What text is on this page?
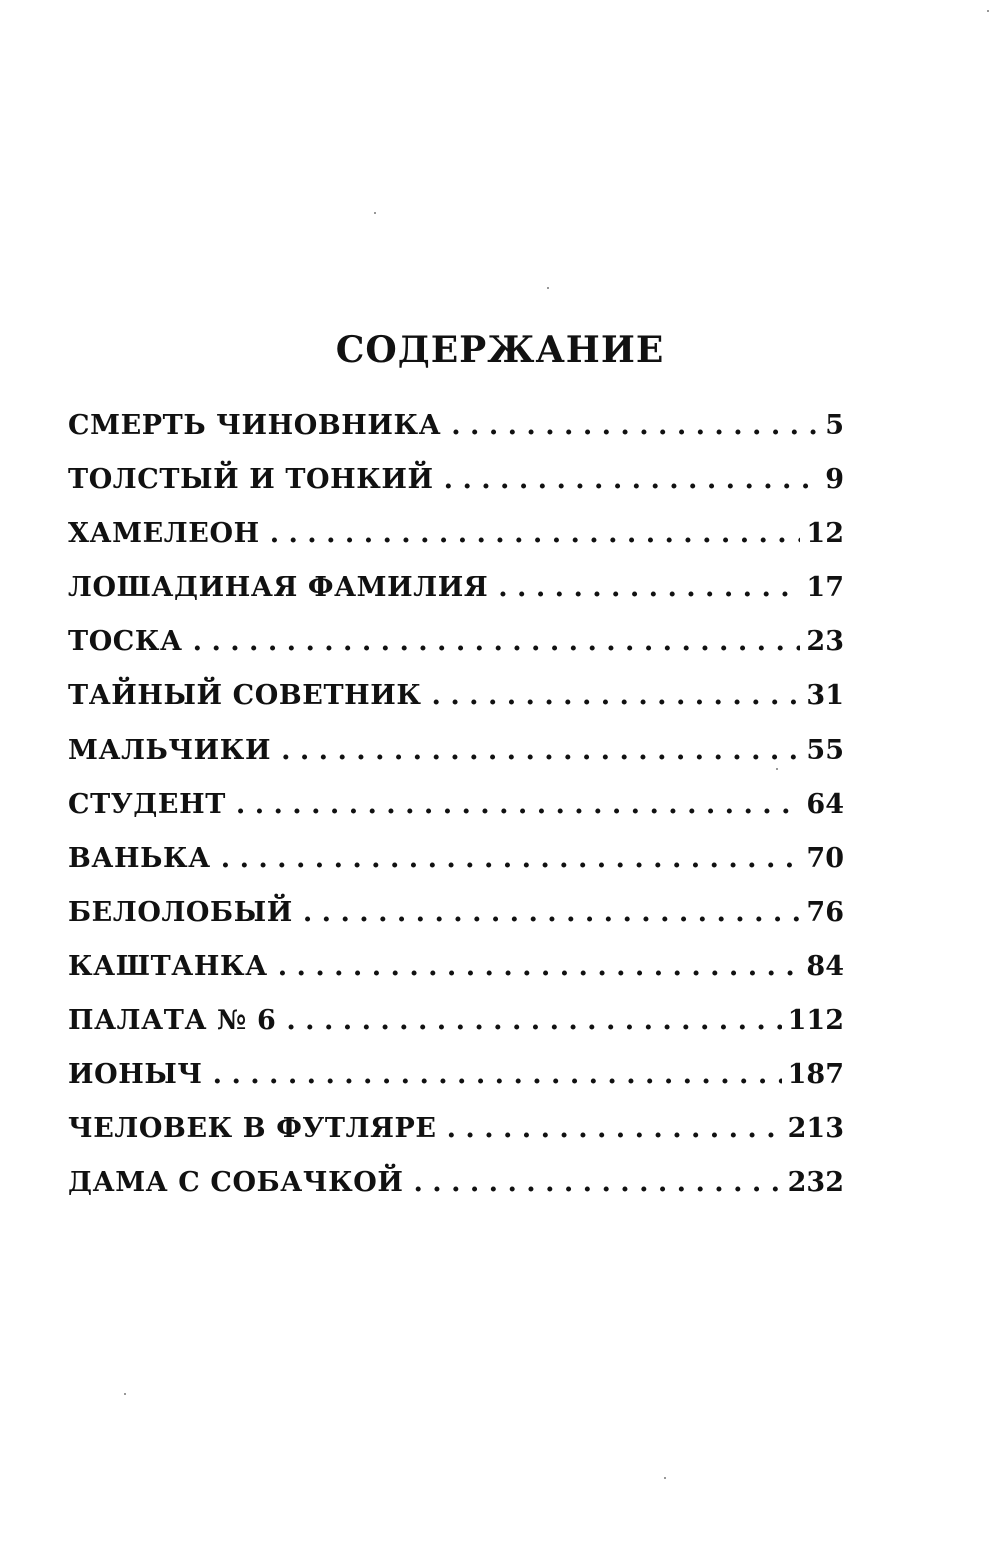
СОДЕРЖАНИЕ
СМЕРТЬ ЧИНОВНИКА . . .	5
ТОЛСТЫЙ И ТОНКИЙ . . .	9
ХАМЕЛЕОН . . .	12
ЛОШАДИНАЯ ФАМИЛИЯ . . .	17
ТОСКА . . .	23
ТАЙНЫЙ СОВЕТНИК . . .	31
МАЛЬЧИКИ . . .	55
СТУДЕНТ . . .	64
ВАНЬКА . . .	70
БЕЛОЛОБЫЙ . . .	76
КАШТАНКА . . .	84
ПАЛАТА № 6 . . .	112
ИОНЫЧ . . .	187
ЧЕЛОВЕК В ФУТЛЯРЕ . . .	213
ДАМА С СОБАЧКОЙ . . .	232
